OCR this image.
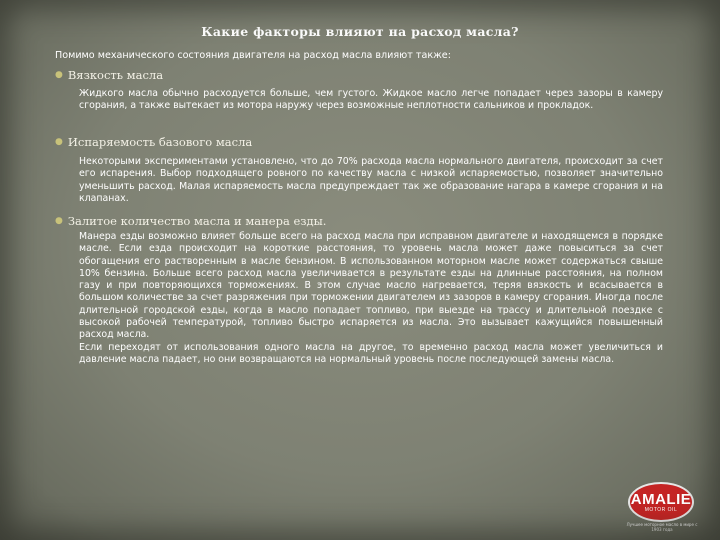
Какие факторы влияют на расход масла?
Помимо механического состояния двигателя на расход масла влияют также:
● Вязкость масла

Жидкого масла обычно расходуется больше, чем густого. Жидкое масло легче попадает через зазоры в камеру сгорания, а также вытекает из мотора наружу через возможные неплотности сальников и прокладок.

● Испаряемость базового масла

Некоторыми экспериментами установлено, что до 70% расхода масла нормального двигателя, происходит за счет его испарения. Выбор подходящего ровного по качеству масла с низкой испаряемостью, позволяет значительно уменьшить расход. Малая испаряемость масла предупреждает так же образование нагара в камере сгорания и на клапанах.

● Залитое количество масла и манера езды.

Манера езды возможно влияет больше всего на расход масла при исправном двигателе и находящемся в порядке масле. Если езда происходит на короткие расстояния, то уровень масла может даже повыситься за счет обогащения его растворенным в масле бензином. В использованном моторном масле может содержаться свыше 10% бензина. Больше всего расход масла увеличивается в результате езды на длинные расстояния, на полном газу и при повторяющихся торможениях. В этом случае масло нагревается, теряя вязкость и всасывается в большом количестве за счет разряжения при торможении двигателем из зазоров в камеру сгорания. Иногда после длительной городской езды, когда в масло попадает топливо, при выезде на трассу и длительной поездке с высокой рабочей температурой, топливо быстро испаряется из масла. Это вызывает кажущийся повышенный расход масла.

Если переходят от использования одного масла на другое, то временно расход масла может увеличиться и давление масла падает, но они возвращаются на нормальный уровень после последующей замены масла.

AMALIE
MOTOR OIL
Лучшее моторное масло в мире с 1903 года
